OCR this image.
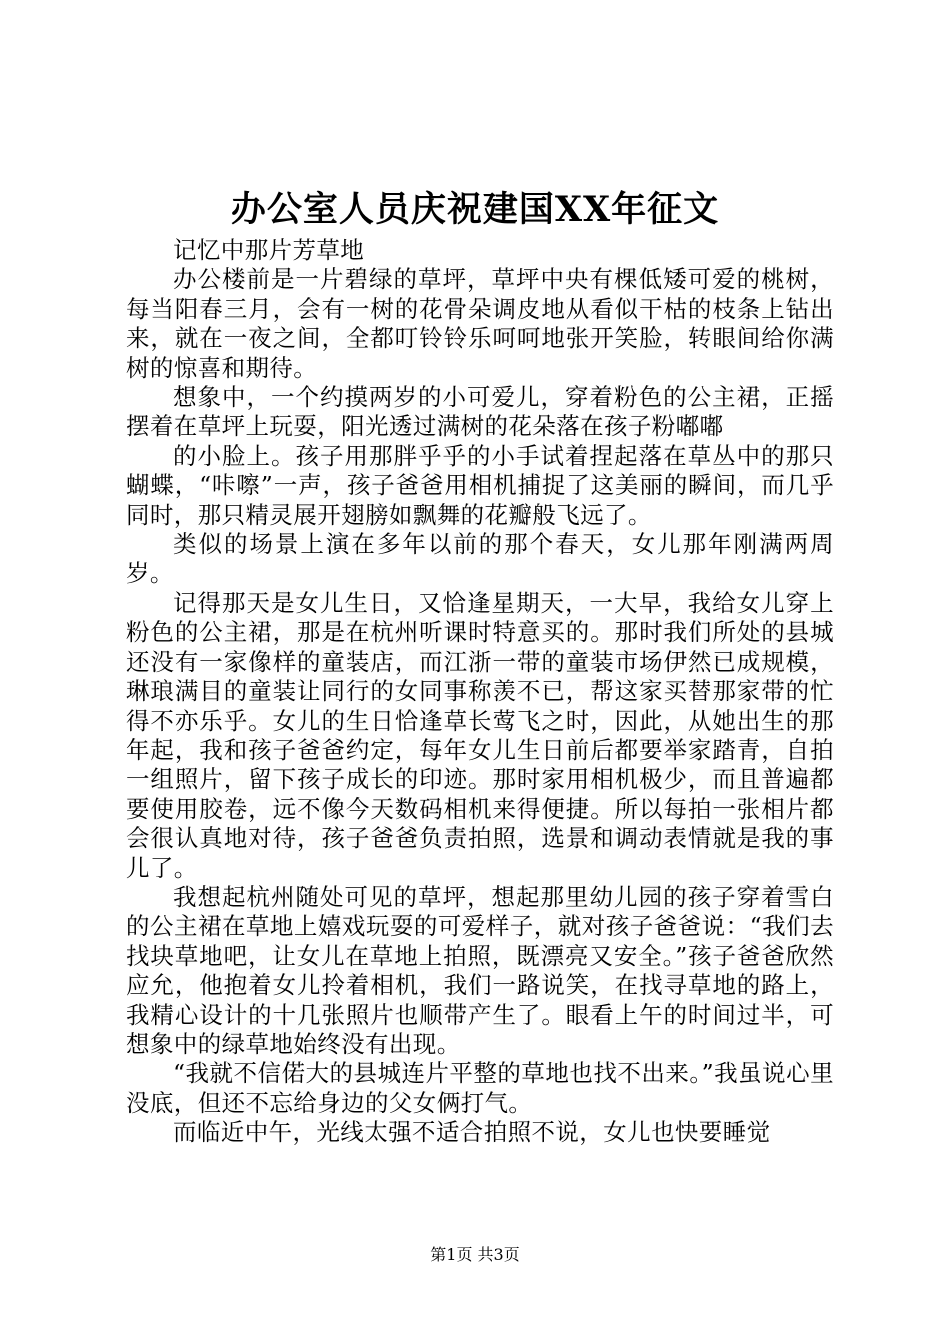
办公室人员庆祝建国XX年征文

记忆中那片芳草地

办公楼前是一片碧绿的草坪，草坪中央有棵低矮可爱的桃树，每当阳春三月，会有一树的花骨朵调皮地从看似干枯的枝条上钻出来，就在一夜之间，全都叮铃铃乐呵呵地张开笑脸，转眼间给你满树的惊喜和期待。

想象中，一个约摸两岁的小可爱儿，穿着粉色的公主裙，正摇摆着在草坪上玩耍，阳光透过满树的花朵落在孩子粉嘟嘟

的小脸上。孩子用那胖乎乎的小手试着捏起落在草丛中的那只蝴蝶，“咔嚓”一声，孩子爸爸用相机捕捉了这美丽的瞬间，而几乎同时，那只精灵展开翅膀如飘舞的花瓣般飞远了。

类似的场景上演在多年以前的那个春天，女儿那年刚满两周岁。

记得那天是女儿生日，又恰逢星期天，一大早，我给女儿穿上粉色的公主裙，那是在杭州听课时特意买的。那时我们所处的县城还没有一家像样的童装店，而江浙一带的童装市场伊然已成规模，琳琅满目的童装让同行的女同事称羡不已，帮这家买替那家带的忙得不亦乐乎。女儿的生日恰逢草长莺飞之时，因此，从她出生的那年起，我和孩子爸爸约定，每年女儿生日前后都要举家踏青，自拍一组照片，留下孩子成长的印迹。那时家用相机极少，而且普遍都要使用胶卷，远不像今天数码相机来得便捷。所以每拍一张相片都会很认真地对待，孩子爸爸负责拍照，选景和调动表情就是我的事儿了。

我想起杭州随处可见的草坪，想起那里幼儿园的孩子穿着雪白的公主裙在草地上嬉戏玩耍的可爱样子，就对孩子爸爸说：“我们去找块草地吧，让女儿在草地上拍照，既漂亮又安全。”孩子爸爸欣然应允，他抱着女儿拎着相机，我们一路说笑，在找寻草地的路上，我精心设计的十几张照片也顺带产生了。眼看上午的时间过半，可想象中的绿草地始终没有出现。

“我就不信偌大的县城连片平整的草地也找不出来。”我虽说心里没底，但还不忘给身边的父女俩打气。

而临近中午，光线太强不适合拍照不说，女儿也快要睡觉

第1页 共3页
